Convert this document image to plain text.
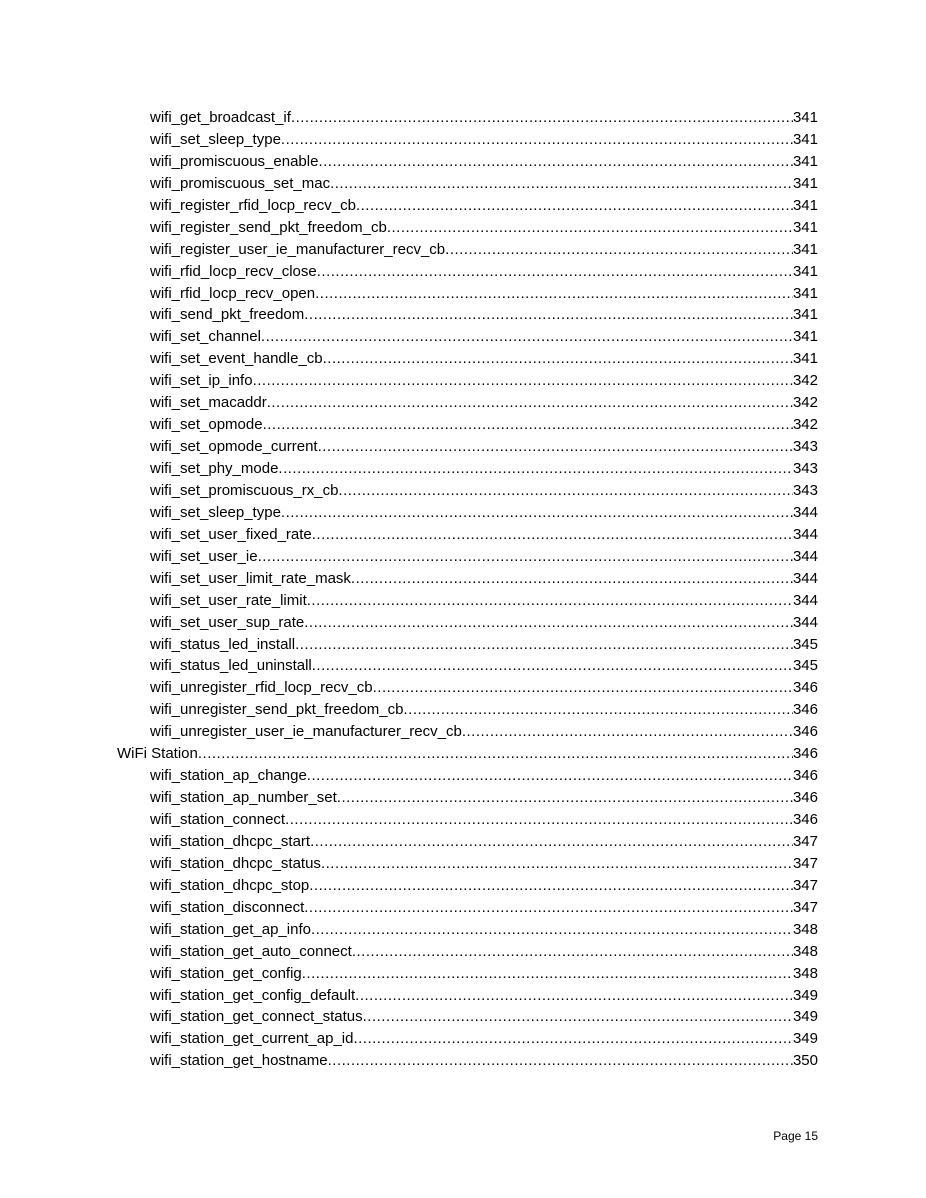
wifi_get_broadcast_if .....	341
wifi_set_sleep_type .....	341
wifi_promiscuous_enable .....	341
wifi_promiscuous_set_mac .....	341
wifi_register_rfid_locp_recv_cb .....	341
wifi_register_send_pkt_freedom_cb .....	341
wifi_register_user_ie_manufacturer_recv_cb .....	341
wifi_rfid_locp_recv_close .....	341
wifi_rfid_locp_recv_open .....	341
wifi_send_pkt_freedom .....	341
wifi_set_channel .....	341
wifi_set_event_handle_cb .....	341
wifi_set_ip_info .....	342
wifi_set_macaddr .....	342
wifi_set_opmode .....	342
wifi_set_opmode_current .....	343
wifi_set_phy_mode .....	343
wifi_set_promiscuous_rx_cb .....	343
wifi_set_sleep_type .....	344
wifi_set_user_fixed_rate .....	344
wifi_set_user_ie .....	344
wifi_set_user_limit_rate_mask .....	344
wifi_set_user_rate_limit .....	344
wifi_set_user_sup_rate .....	344
wifi_status_led_install .....	345
wifi_status_led_uninstall .....	345
wifi_unregister_rfid_locp_recv_cb .....	346
wifi_unregister_send_pkt_freedom_cb .....	346
wifi_unregister_user_ie_manufacturer_recv_cb .....	346
WiFi Station .....	346
wifi_station_ap_change .....	346
wifi_station_ap_number_set .....	346
wifi_station_connect .....	346
wifi_station_dhcpc_start .....	347
wifi_station_dhcpc_status .....	347
wifi_station_dhcpc_stop .....	347
wifi_station_disconnect .....	347
wifi_station_get_ap_info .....	348
wifi_station_get_auto_connect .....	348
wifi_station_get_config .....	348
wifi_station_get_config_default .....	349
wifi_station_get_connect_status .....	349
wifi_station_get_current_ap_id .....	349
wifi_station_get_hostname .....	350
Page 15
